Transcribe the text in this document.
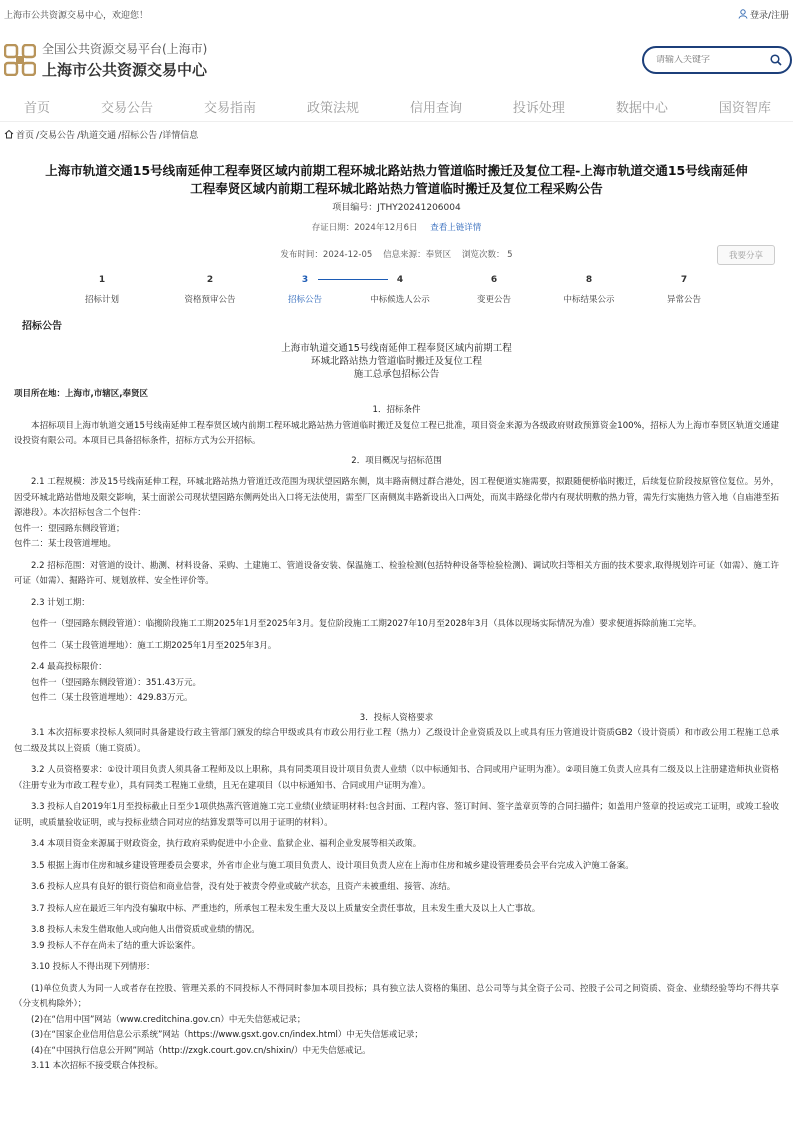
上海市公共资源交易中心，欢迎您！	登录/注册
全国公共资源交易平台(上海市)
上海市公共资源交易中心
请输入关键字
首页	交易公告	交易指南	政策法规	信用查询	投诉处理	数据中心	国资智库
首页 /交易公告 /轨道交通 /招标公告 /详情信息
上海市轨道交通15号线南延伸工程奉贤区域内前期工程环城北路站热力管道临时搬迁及复位工程-上海市轨道交通15号线南延伸工程奉贤区域内前期工程环城北路站热力管道临时搬迁及复位工程采购公告
项目编号：JTHY20241206004
存证日期：2024年12月6日 查看上链详情
发布时间：2024-12-05 信息来源：奉贤区 浏览次数： 5	我要分享
1
招标计划
2
资格预审公告
3
招标公告
4
中标候选人公示
6
变更公告
8
中标结果公示
7
异常公告
招标公告
上海市轨道交通15号线南延伸工程奉贤区域内前期工程
环城北路站热力管道临时搬迁及复位工程
施工总承包招标公告
项目所在地：上海市,市辖区,奉贤区
1．招标条件

本招标项目上海市轨道交通15号线南延伸工程奉贤区域内前期工程环城北路站热力管道临时搬迁及复位工程已批准，项目资金来源为各级政府财政预算资金100%，招标人为上海市奉贤区轨道交通建设投资有限公司。本项目已具备招标条件，招标方式为公开招标。

2．项目概况与招标范围

2.1 工程规模：涉及15号线南延伸工程，环城北路站热力管道迁改范围为现状望园路东侧，岚丰路南侧过群合港处，因工程便道实施需要，拟跟随便桥临时搬迁，后续复位阶段按原管位复位。另外，因受环城北路站借地及限交影响，某士面淤公司现状望园路东侧两处出入口将无法使用，需至厂区南侧岚丰路新设出入口两处，而岚丰路绿化带内有现状明敷的热力管，需先行实施热力管入地（自庙港至拓源港段）。本次招标包含二个包件：

包件一：望园路东侧段管道；

包件二：某士段管道埋地。

2.2 招标范围：对管道的设计、勘测、材料设备、采购、土建施工、管道设备安装、保温施工、检验检测(包括特种设备等检验检测)、调试吹扫等相关方面的技术要求,取得规划许可证（如需）、施工许可证（如需）、掘路许可、规划放样、安全性评价等。

2.3 计划工期：

包件一（望园路东侧段管道）：临搬阶段施工工期2025年1月至2025年3月。复位阶段施工工期2027年10月至2028年3月（具体以现场实际情况为准）要求便道拆除前施工完毕。

包件二（某士段管道埋地）：施工工期2025年1月至2025年3月。

2.4 最高投标限价：

包件一（望园路东侧段管道）：351.43万元。

包件二（某士段管道埋地）：429.83万元。

3．投标人资格要求

3.1 本次招标要求投标人须同时具备建设行政主管部门颁发的综合甲级或具有市政公用行业工程（热力）乙级设计企业资质及以上或具有压力管道设计资质GB2（设计资质）和市政公用工程施工总承包二级及其以上资质（施工资质）。

3.2 人员资格要求：①设计项目负责人须具备工程师及以上职称，具有同类项目设计项目负责人业绩（以中标通知书、合同或用户证明为准）。②项目施工负责人应具有二级及以上注册建造师执业资格（注册专业为市政工程专业），具有同类工程施工业绩，且无在建项目（以中标通知书、合同或用户证明为准）。

3.3 投标人自2019年1月至投标截止日至少1项供热蒸汽管道施工完工业绩(业绩证明材料:包含封面、工程内容、签订时间、签字盖章页等的合同扫描件；如盖用户签章的投运或完工证明，或竣工验收证明，或质量验收证明，或与投标业绩合同对应的结算发票等可以用于证明的材料）。

3.4 本项目资金来源属于财政资金，执行政府采购促进中小企业、监狱企业、福利企业发展等相关政策。

3.5 根据上海市住房和城乡建设管理委员会要求，外省市企业与施工项目负责人、设计项目负责人应在上海市住房和城乡建设管理委员会平台完成入沪施工备案。

3.6 投标人应具有良好的银行资信和商业信誉，没有处于被责令停业或破产状态，且资产未被重组、接管、冻结。

3.7 投标人应在最近三年内没有骗取中标、严重违约，所承包工程未发生重大及以上质量安全责任事故，且未发生重大及以上人亡事故。

3.8 投标人未发生借取他人或向他人出借资质或业绩的情况。

3.9 投标人不存在尚未了结的重大诉讼案件。

3.10 投标人不得出现下列情形：

(1)单位负责人为同一人或者存在控股、管理关系的不同投标人不得同时参加本项目投标；具有独立法人资格的集团、总公司等与其全资子公司、控股子公司之间资质、资金、业绩经验等均不得共享（分支机构除外）；

(2)在“信用中国”网站（www.creditchina.gov.cn）中无失信惩戒记录；

(3)在“国家企业信用信息公示系统”网站（https://www.gsxt.gov.cn/index.html）中无失信惩戒记录；

(4)在“中国执行信息公开网”网站（http://zxgk.court.gov.cn/shixin/）中无失信惩戒记。

3.11 本次招标不接受联合体投标。
